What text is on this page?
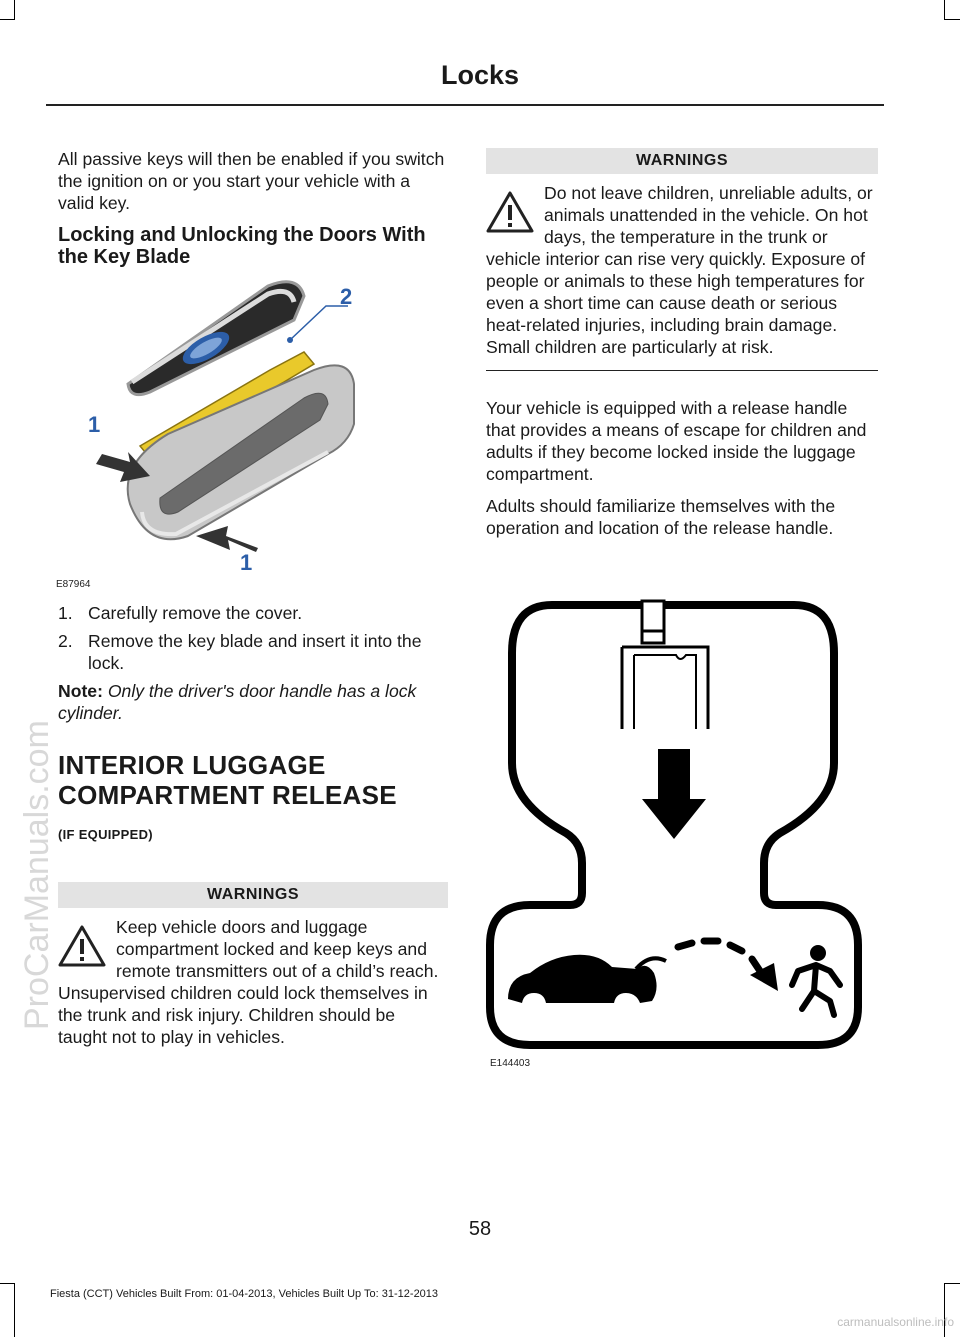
Locks

All passive keys will then be enabled if you switch the ignition on or you start your vehicle with a valid key.

Locking and Unlocking the Doors With the Key Blade
2
1
1
E87964
1. Carefully remove the cover.
2. Remove the key blade and insert it into the lock.

Note: Only the driver's door handle has a lock cylinder.

INTERIOR LUGGAGE COMPARTMENT RELEASE
(IF EQUIPPED)
WARNINGS
Keep vehicle doors and luggage compartment locked and keep keys and remote transmitters out of a child’s reach. Unsupervised children could lock themselves in the trunk and risk injury. Children should be taught not to play in vehicles.
WARNINGS
Do not leave children, unreliable adults, or animals unattended in the vehicle. On hot days, the temperature in the trunk or vehicle interior can rise very quickly. Exposure of people or animals to these high temperatures for even a short time can cause death or serious heat-related injuries, including brain damage. Small children are particularly at risk.

Your vehicle is equipped with a release handle that provides a means of escape for children and adults if they become locked inside the luggage compartment.

Adults should familiarize themselves with the operation and location of the release handle.

E144403
58
Fiesta (CCT) Vehicles Built From: 01-04-2013, Vehicles Built Up To: 31-12-2013
ProCarManuals.com
carmanualsonline.info
